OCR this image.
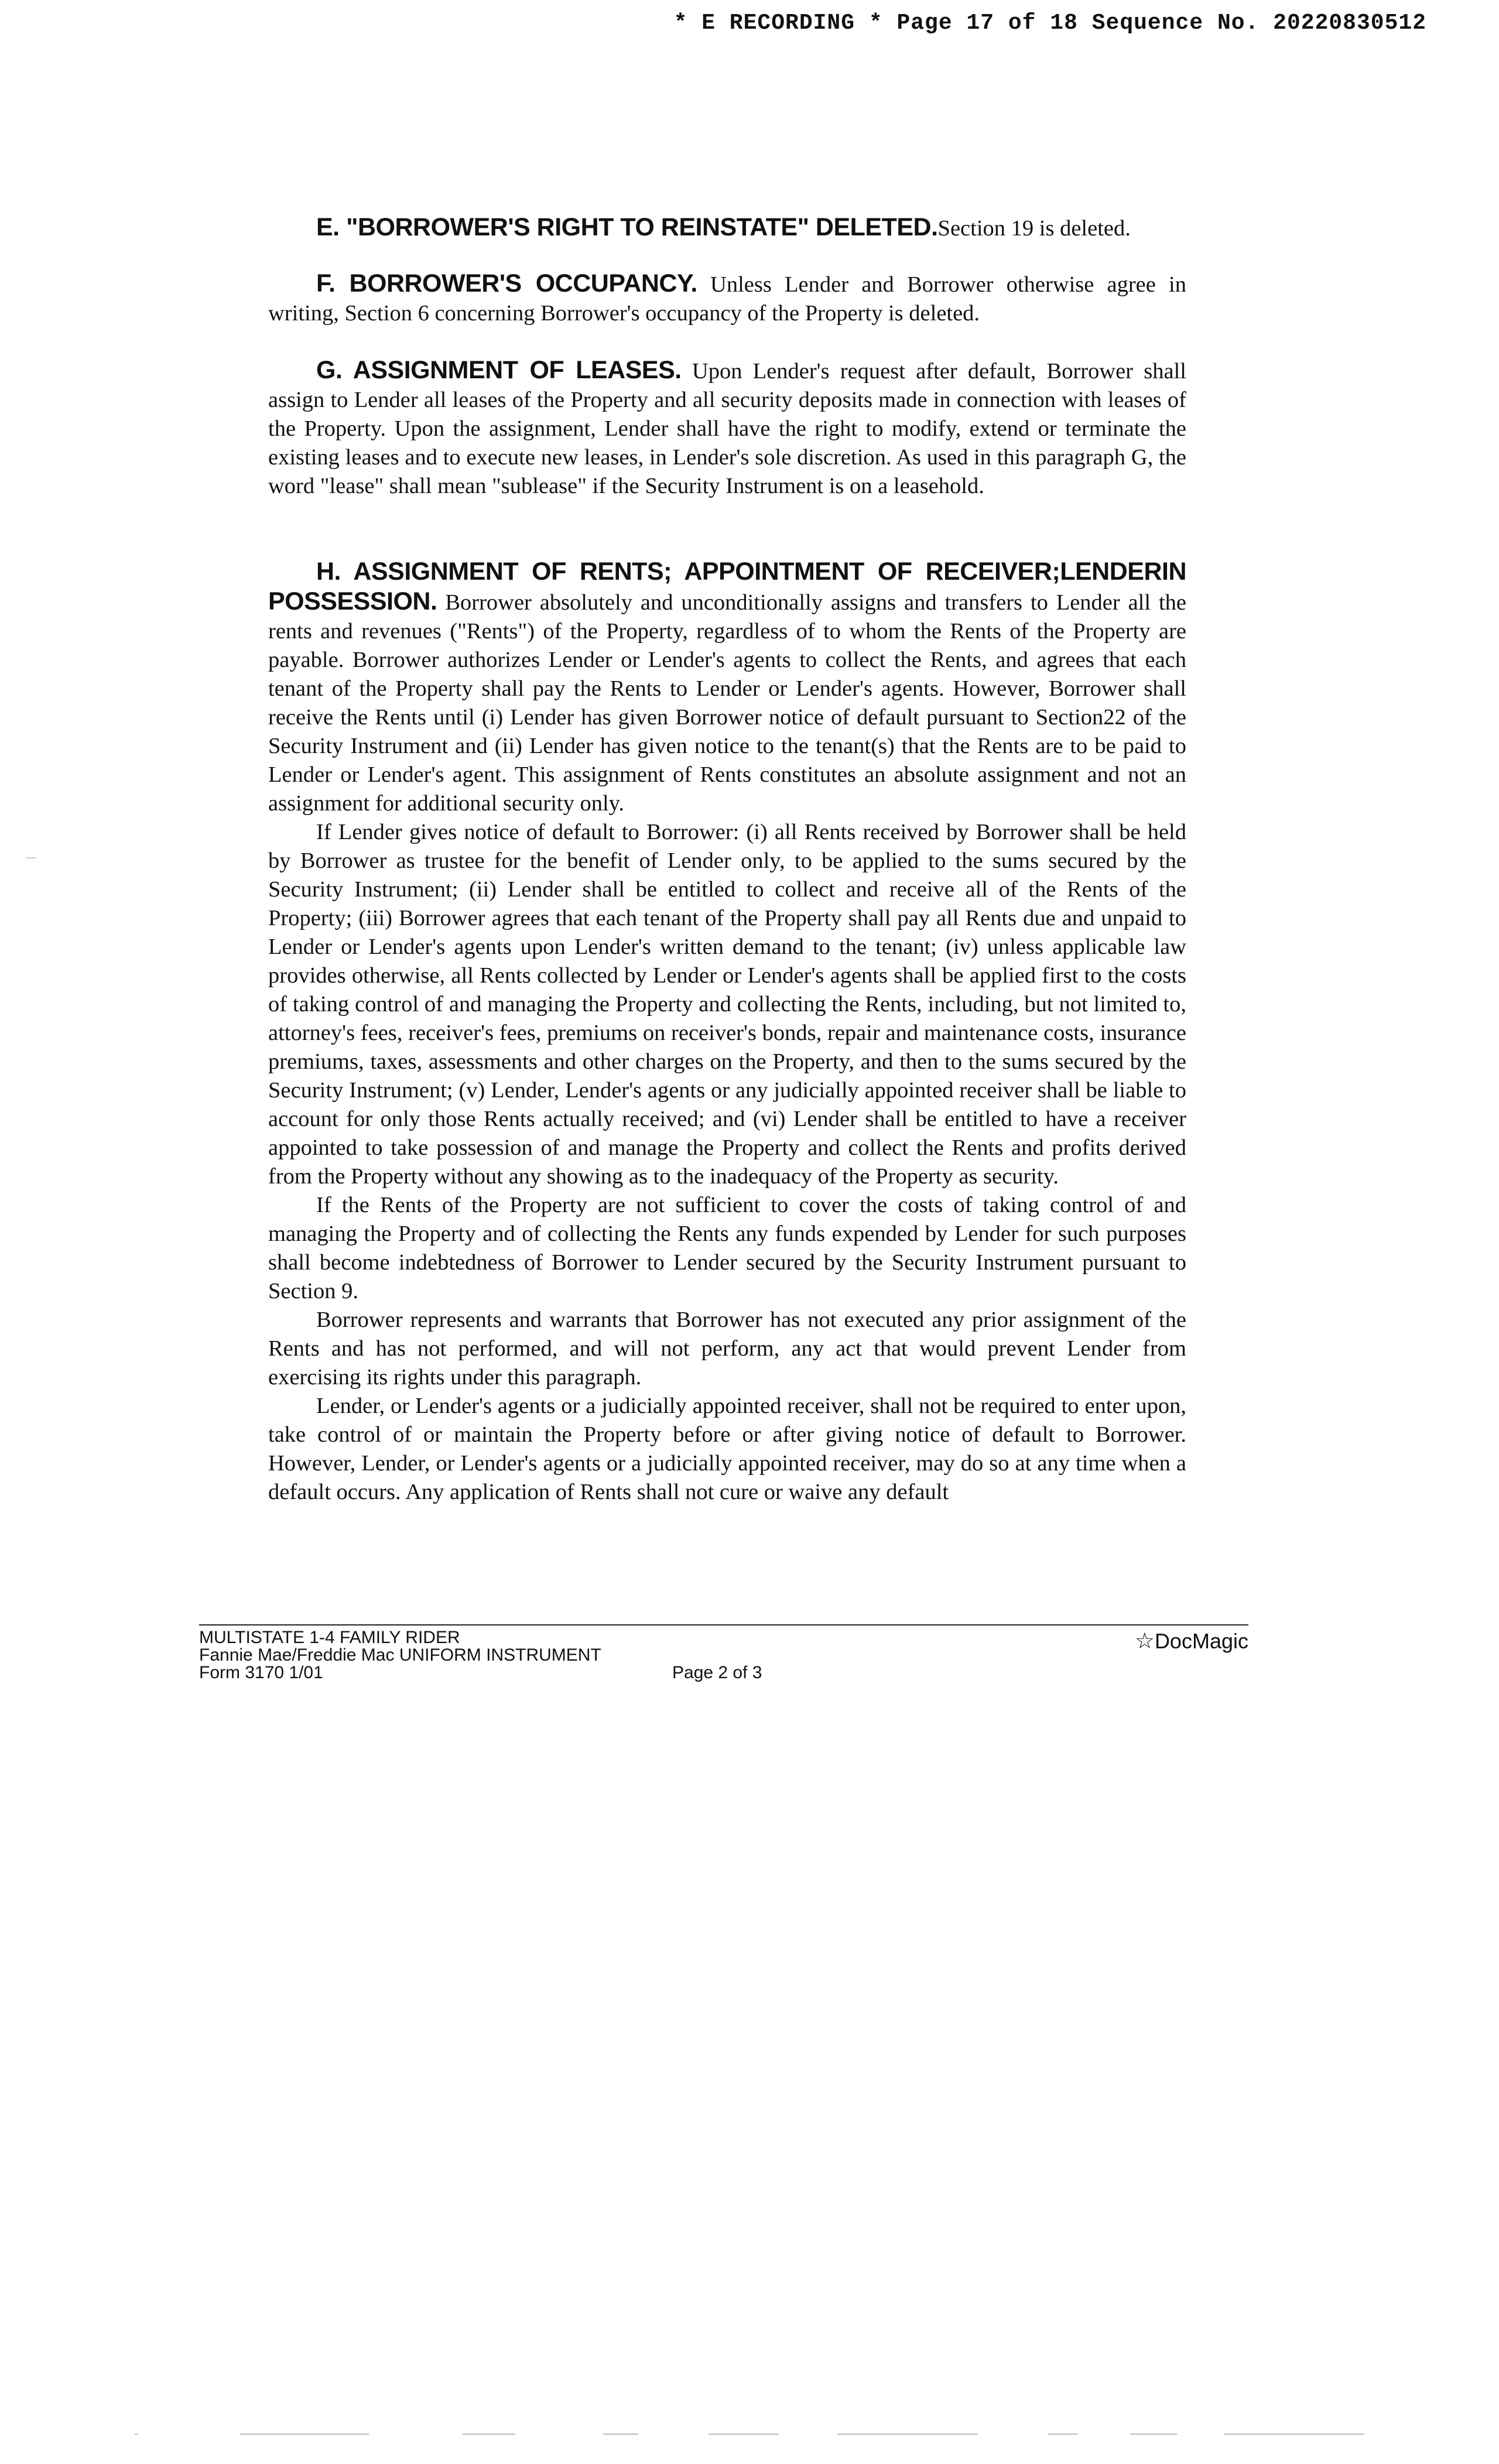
* E RECORDING * Page 17 of 18 Sequence No. 20220830512

E. "BORROWER'S RIGHT TO REINSTATE" DELETED.Section 19 is deleted.

F. BORROWER'S OCCUPANCY. Unless Lender and Borrower otherwise agree in writing, Section 6 concerning Borrower's occupancy of the Property is deleted.

G. ASSIGNMENT OF LEASES. Upon Lender's request after default, Borrower shall assign to Lender all leases of the Property and all security deposits made in connection with leases of the Property. Upon the assignment, Lender shall have the right to modify, extend or terminate the existing leases and to execute new leases, in Lender's sole discretion. As used in this paragraph G, the word "lease" shall mean "sublease" if the Security Instrument is on a leasehold.

H. ASSIGNMENT OF RENTS; APPOINTMENT OF RECEIVER;LENDERIN POSSESSION. Borrower absolutely and unconditionally assigns and transfers to Lender all the rents and revenues ("Rents") of the Property, regardless of to whom the Rents of the Property are payable. Borrower authorizes Lender or Lender's agents to collect the Rents, and agrees that each tenant of the Property shall pay the Rents to Lender or Lender's agents. However, Borrower shall receive the Rents until (i) Lender has given Borrower notice of default pursuant to Section22 of the Security Instrument and (ii) Lender has given notice to the tenant(s) that the Rents are to be paid to Lender or Lender's agent. This assignment of Rents constitutes an absolute assignment and not an assignment for additional security only.

If Lender gives notice of default to Borrower: (i) all Rents received by Borrower shall be held by Borrower as trustee for the benefit of Lender only, to be applied to the sums secured by the Security Instrument; (ii) Lender shall be entitled to collect and receive all of the Rents of the Property; (iii) Borrower agrees that each tenant of the Property shall pay all Rents due and unpaid to Lender or Lender's agents upon Lender's written demand to the tenant; (iv) unless applicable law provides otherwise, all Rents collected by Lender or Lender's agents shall be applied first to the costs of taking control of and managing the Property and collecting the Rents, including, but not limited to, attorney's fees, receiver's fees, premiums on receiver's bonds, repair and maintenance costs, insurance premiums, taxes, assessments and other charges on the Property, and then to the sums secured by the Security Instrument; (v) Lender, Lender's agents or any judicially appointed receiver shall be liable to account for only those Rents actually received; and (vi) Lender shall be entitled to have a receiver appointed to take possession of and manage the Property and collect the Rents and profits derived from the Property without any showing as to the inadequacy of the Property as security.

If the Rents of the Property are not sufficient to cover the costs of taking control of and managing the Property and of collecting the Rents any funds expended by Lender for such purposes shall become indebtedness of Borrower to Lender secured by the Security Instrument pursuant to Section 9.

Borrower represents and warrants that Borrower has not executed any prior assignment of the Rents and has not performed, and will not perform, any act that would prevent Lender from exercising its rights under this paragraph.

Lender, or Lender's agents or a judicially appointed receiver, shall not be required to enter upon, take control of or maintain the Property before or after giving notice of default to Borrower. However, Lender, or Lender's agents or a judicially appointed receiver, may do so at any time when a default occurs. Any application of Rents shall not cure or waive any default

MULTISTATE 1-4 FAMILY RIDER
Fannie Mae/Freddie Mac UNIFORM INSTRUMENT
Form 3170 1/01	Page 2 of 3
☆DocMagic
